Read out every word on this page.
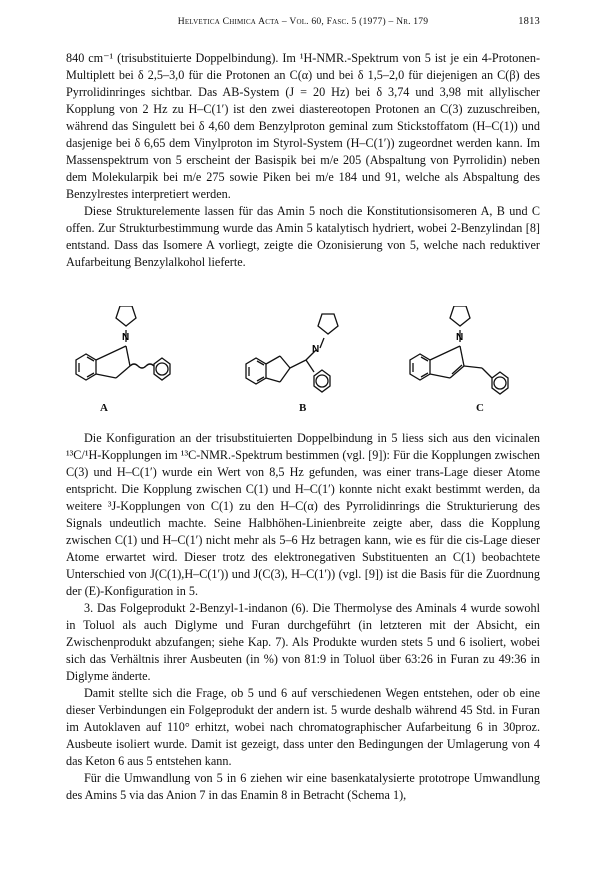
Helvetica Chimica Acta – Vol. 60, Fasc. 5 (1977) – Nr. 179	1813

840 cm⁻¹ (trisubstituierte Doppelbindung). Im ¹H-NMR.-Spektrum von 5 ist je ein 4-Protonen-Multiplett bei δ 2,5–3,0 für die Protonen an C(α) und bei δ 1,5–2,0 für diejenigen an C(β) des Pyrrolidinringes sichtbar. Das AB-System (J = 20 Hz) bei δ 3,74 und 3,98 mit allylischer Kopplung von 2 Hz zu H–C(1′) ist den zwei diastereotopen Protonen an C(3) zuzuschreiben, während das Singulett bei δ 4,60 dem Benzylproton geminal zum Stickstoffatom (H–C(1)) und dasjenige bei δ 6,65 dem Vinylproton im Styrol-System (H–C(1′)) zugeordnet werden kann. Im Massenspektrum von 5 erscheint der Basispik bei m/e 205 (Abspaltung von Pyrrolidin) neben dem Molekularpik bei m/e 275 sowie Piken bei m/e 184 und 91, welche als Abspaltung des Benzylrestes interpretiert werden.

Diese Strukturelemente lassen für das Amin 5 noch die Konstitutionsisomeren A, B und C offen. Zur Strukturbestimmung wurde das Amin 5 katalytisch hydriert, wobei 2-Benzylindan [8] entstand. Dass das Isomere A vorliegt, zeigte die Ozonisierung von 5, welche nach reduktiver Aufarbeitung Benzylalkohol lieferte.

N
N
N
A	B	C

Die Konfiguration an der trisubstituierten Doppelbindung in 5 liess sich aus den vicinalen ¹³C/¹H-Kopplungen im ¹³C-NMR.-Spektrum bestimmen (vgl. [9]): Für die Kopplungen zwischen C(3) und H–C(1′) wurde ein Wert von 8,5 Hz gefunden, was einer trans-Lage dieser Atome entspricht. Die Kopplung zwischen C(1) und H–C(1′) konnte nicht exakt bestimmt werden, da weitere ³J-Kopplungen von C(1) zu den H–C(α) des Pyrrolidinrings die Strukturierung des Signals undeutlich machte. Seine Halbhöhen-Linienbreite zeigte aber, dass die Kopplung zwischen C(1) und H–C(1′) nicht mehr als 5–6 Hz betragen kann, wie es für die cis-Lage dieser Atome erwartet wird. Dieser trotz des elektronegativen Substituenten an C(1) beobachtete Unterschied von J(C(1),H–C(1′)) und J(C(3), H–C(1′)) (vgl. [9]) ist die Basis für die Zuordnung der (E)-Konfiguration in 5.

3. Das Folgeprodukt 2-Benzyl-1-indanon (6). Die Thermolyse des Aminals 4 wurde sowohl in Toluol als auch Diglyme und Furan durchgeführt (in letzteren mit der Absicht, ein Zwischenprodukt abzufangen; siehe Kap. 7). Als Produkte wurden stets 5 und 6 isoliert, wobei sich das Verhältnis ihrer Ausbeuten (in %) von 81:9 in Toluol über 63:26 in Furan zu 49:36 in Diglyme änderte.

Damit stellte sich die Frage, ob 5 und 6 auf verschiedenen Wegen entstehen, oder ob eine dieser Verbindungen ein Folgeprodukt der andern ist. 5 wurde deshalb während 45 Std. in Furan im Autoklaven auf 110° erhitzt, wobei nach chromatographischer Aufarbeitung 6 in 30proz. Ausbeute isoliert wurde. Damit ist gezeigt, dass unter den Bedingungen der Umlagerung von 4 das Keton 6 aus 5 entstehen kann.

Für die Umwandlung von 5 in 6 ziehen wir eine basenkatalysierte prototrope Umwandlung des Amins 5 via das Anion 7 in das Enamin 8 in Betracht (Schema 1),
